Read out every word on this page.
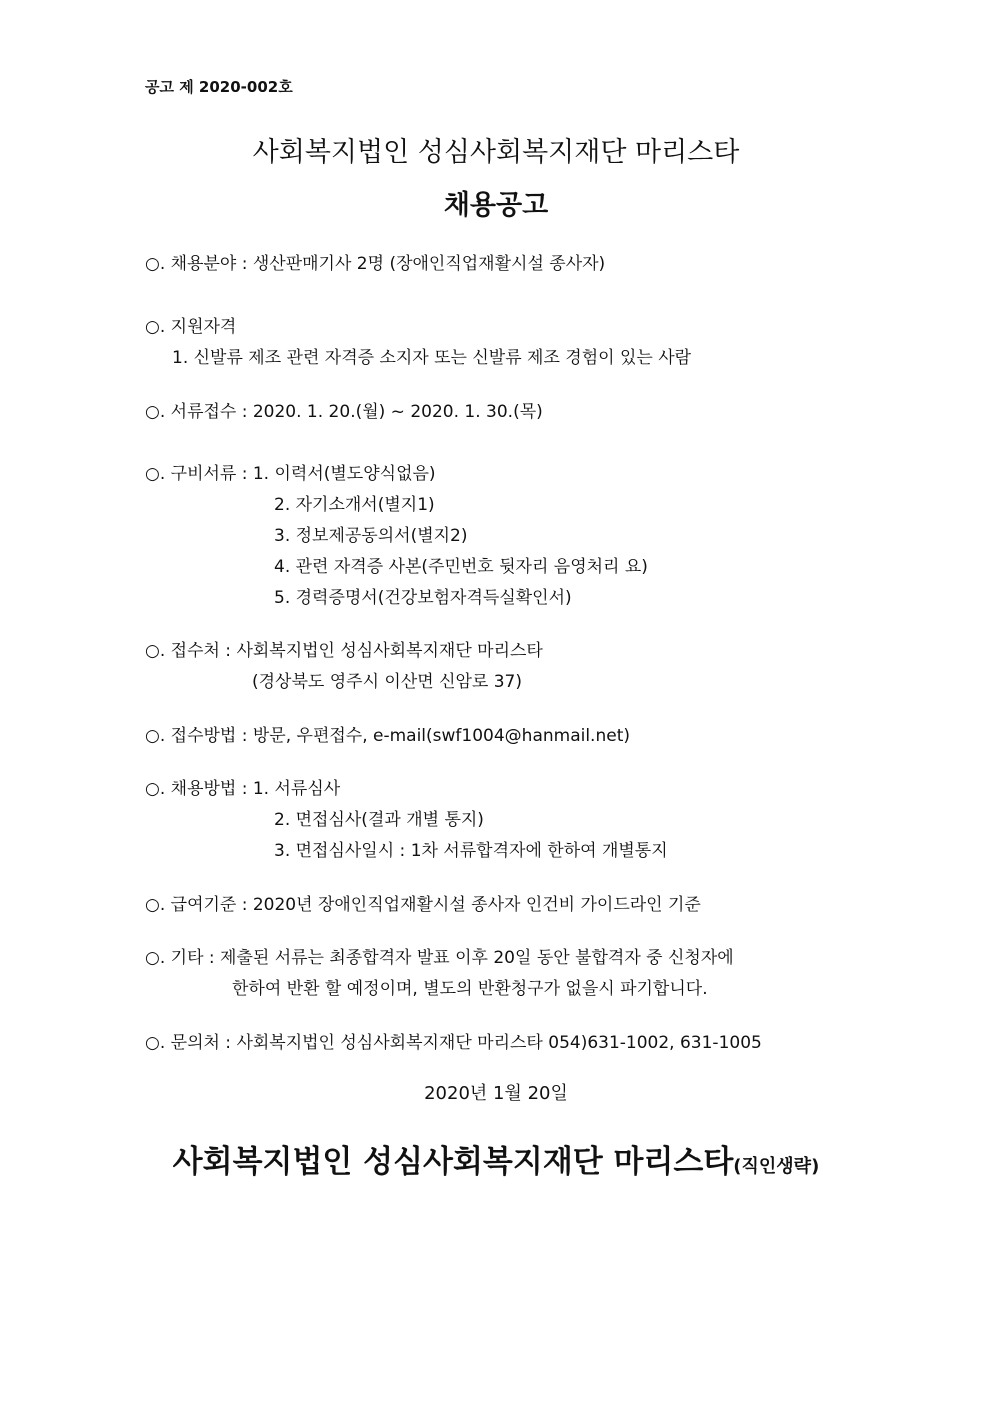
공고 제 2020-002호
사회복지법인 성심사회복지재단 마리스타
채용공고
○. 채용분야 : 생산판매기사 2명 (장애인직업재활시설 종사자)
○. 지원자격
1. 신발류 제조 관련 자격증 소지자 또는 신발류 제조 경험이 있는 사람
○. 서류접수 : 2020. 1. 20.(월) ~ 2020. 1. 30.(목)
○. 구비서류 : 1. 이력서(별도양식없음)
2. 자기소개서(별지1)
3. 정보제공동의서(별지2)
4. 관련 자격증 사본(주민번호 뒷자리 음영처리 요)
5. 경력증명서(건강보험자격득실확인서)
○. 접수처 : 사회복지법인 성심사회복지재단 마리스타
(경상북도 영주시 이산면 신암로 37)
○. 접수방법 : 방문, 우편접수, e-mail(swf1004@hanmail.net)
○. 채용방법 : 1. 서류심사
2. 면접심사(결과 개별 통지)
3. 면접심사일시 : 1차 서류합격자에 한하여 개별통지
○. 급여기준 : 2020년 장애인직업재활시설 종사자 인건비 가이드라인 기준
○. 기타 : 제출된 서류는 최종합격자 발표 이후 20일 동안 불합격자 중 신청자에
한하여 반환 할 예정이며, 별도의 반환청구가 없을시 파기합니다.
○. 문의처 : 사회복지법인 성심사회복지재단 마리스타 054)631-1002, 631-1005
2020년 1월 20일
사회복지법인 성심사회복지재단 마리스타(직인생략)
